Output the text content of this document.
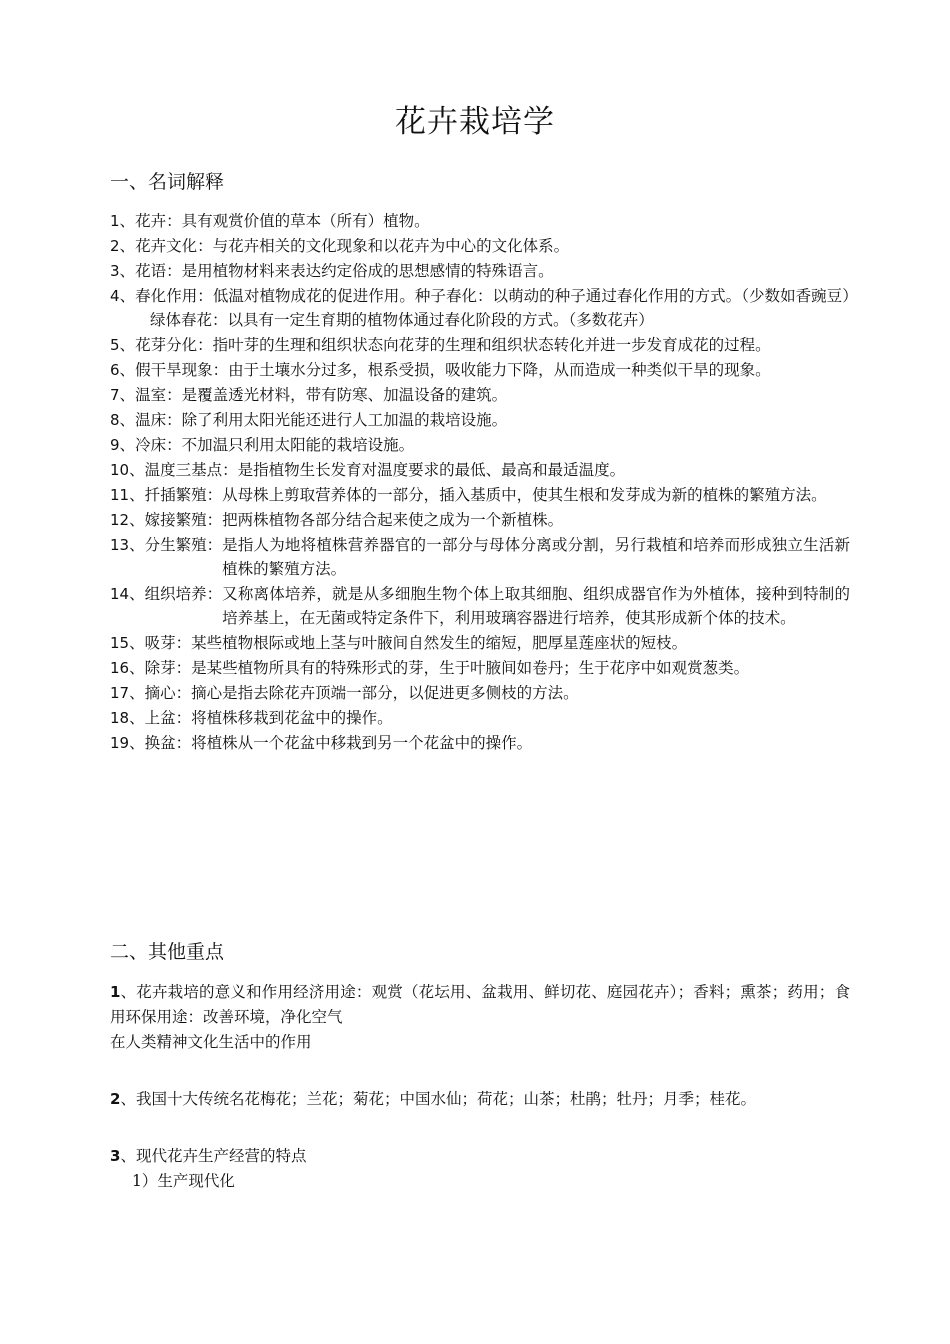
花卉栽培学
一、名词解释
1、花卉：具有观赏价值的草本（所有）植物。
2、花卉文化：与花卉相关的文化现象和以花卉为中心的文化体系。
3、花语：是用植物材料来表达约定俗成的思想感情的特殊语言。
4、春化作用：低温对植物成花的促进作用。种子春化：以萌动的种子通过春化作用的方式。（少数如香豌豆）绿体春花：以具有一定生育期的植物体通过春化阶段的方式。（多数花卉）
5、花芽分化： 指叶芽的生理和组织状态向花芽的生理和组织状态转化并进一步发育成花的过程。
6、假干旱现象： 由于土壤水分过多，根系受损，吸收能力下降，从而造成一种类似干旱的现象。
7、温室：是覆盖透光材料，带有防寒、加温设备的建筑。
8、温床：除了利用太阳光能还进行人工加温的栽培设施。
9、冷床：不加温只利用太阳能的栽培设施。
10、温度三基点：是指植物生长发育对温度要求的最低、最高和最适温度。
11、扦插繁殖：从母株上剪取营养体的一部分，插入基质中，使其生根和发芽成为新的植株的繁殖方法。
12、嫁接繁殖：把两株植物各部分结合起来使之成为一个新植株。
13、分生繁殖： 是指人为地将植株营养器官的一部分与母体分离或分割，另行栽植和培养而形成独立生活新植株的繁殖方法。
14、组织培养： 又称离体培养，就是从多细胞生物个体上取其细胞、组织成器官作为外植体，接种到特制的培养基上，在无菌或特定条件下，利用玻璃容器进行培养，使其形成新个体的技术。
15、吸芽：某些植物根际或地上茎与叶腋间自然发生的缩短，肥厚星莲座状的短枝。
16、除芽： 是某些植物所具有的特殊形式的芽，生于叶腋间如卷丹；生于花序中如观赏葱类。
17、摘心：摘心是指去除花卉顶端一部分，以促进更多侧枝的方法。
18、上盆：将植株移栽到花盆中的操作。
19、换盆：将植株从一个花盆中移栽到另一个花盆中的操作。
二、其他重点
1、花卉栽培的意义和作用经济用途：观赏（花坛用、盆栽用、鲜切花、庭园花卉）；香料；熏茶；药用；食用环保用途：改善环境，净化空气
在人类精神文化生活中的作用
2、我国十大传统名花梅花；兰花；菊花；中国水仙；荷花；山茶；杜鹃；牡丹；月季；桂花。
3、现代花卉生产经营的特点
1）生产现代化
